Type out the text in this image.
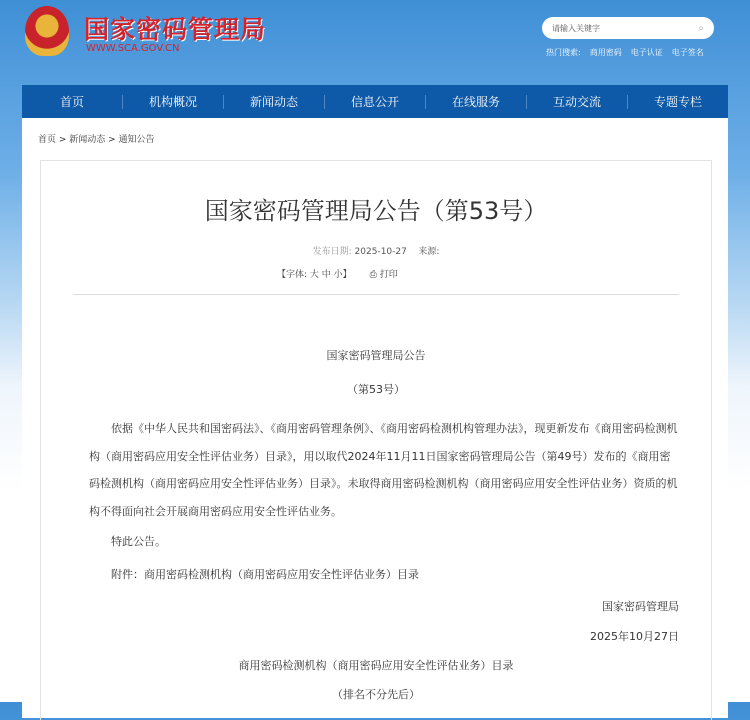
国家密码管理局
WWW.SCA.GOV.CN
请输入关键字	⌕
热门搜索: 商用密码 电子认证 电子签名
首页	机构概况	新闻动态	信息公开	在线服务	互动交流	专题专栏
首页 > 新闻动态 > 通知公告
国家密码管理局公告（第53号）
发布日期: 2025-10-27 来源:
【字体: 大 中 小】 ⎙ 打印
国家密码管理局公告
（第53号）
依据《中华人民共和国密码法》、《商用密码管理条例》、《商用密码检测机构管理办法》，现更新发布《商用密码检测机构（商用密码应用安全性评估业务）目录》，用以取代2024年11月11日国家密码管理局公告（第49号）发布的《商用密码检测机构（商用密码应用安全性评估业务）目录》。未取得商用密码检测机构（商用密码应用安全性评估业务）资质的机构不得面向社会开展商用密码应用安全性评估业务。
特此公告。
附件：商用密码检测机构（商用密码应用安全性评估业务）目录
国家密码管理局
2025年10月27日
商用密码检测机构（商用密码应用安全性评估业务）目录
（排名不分先后）
